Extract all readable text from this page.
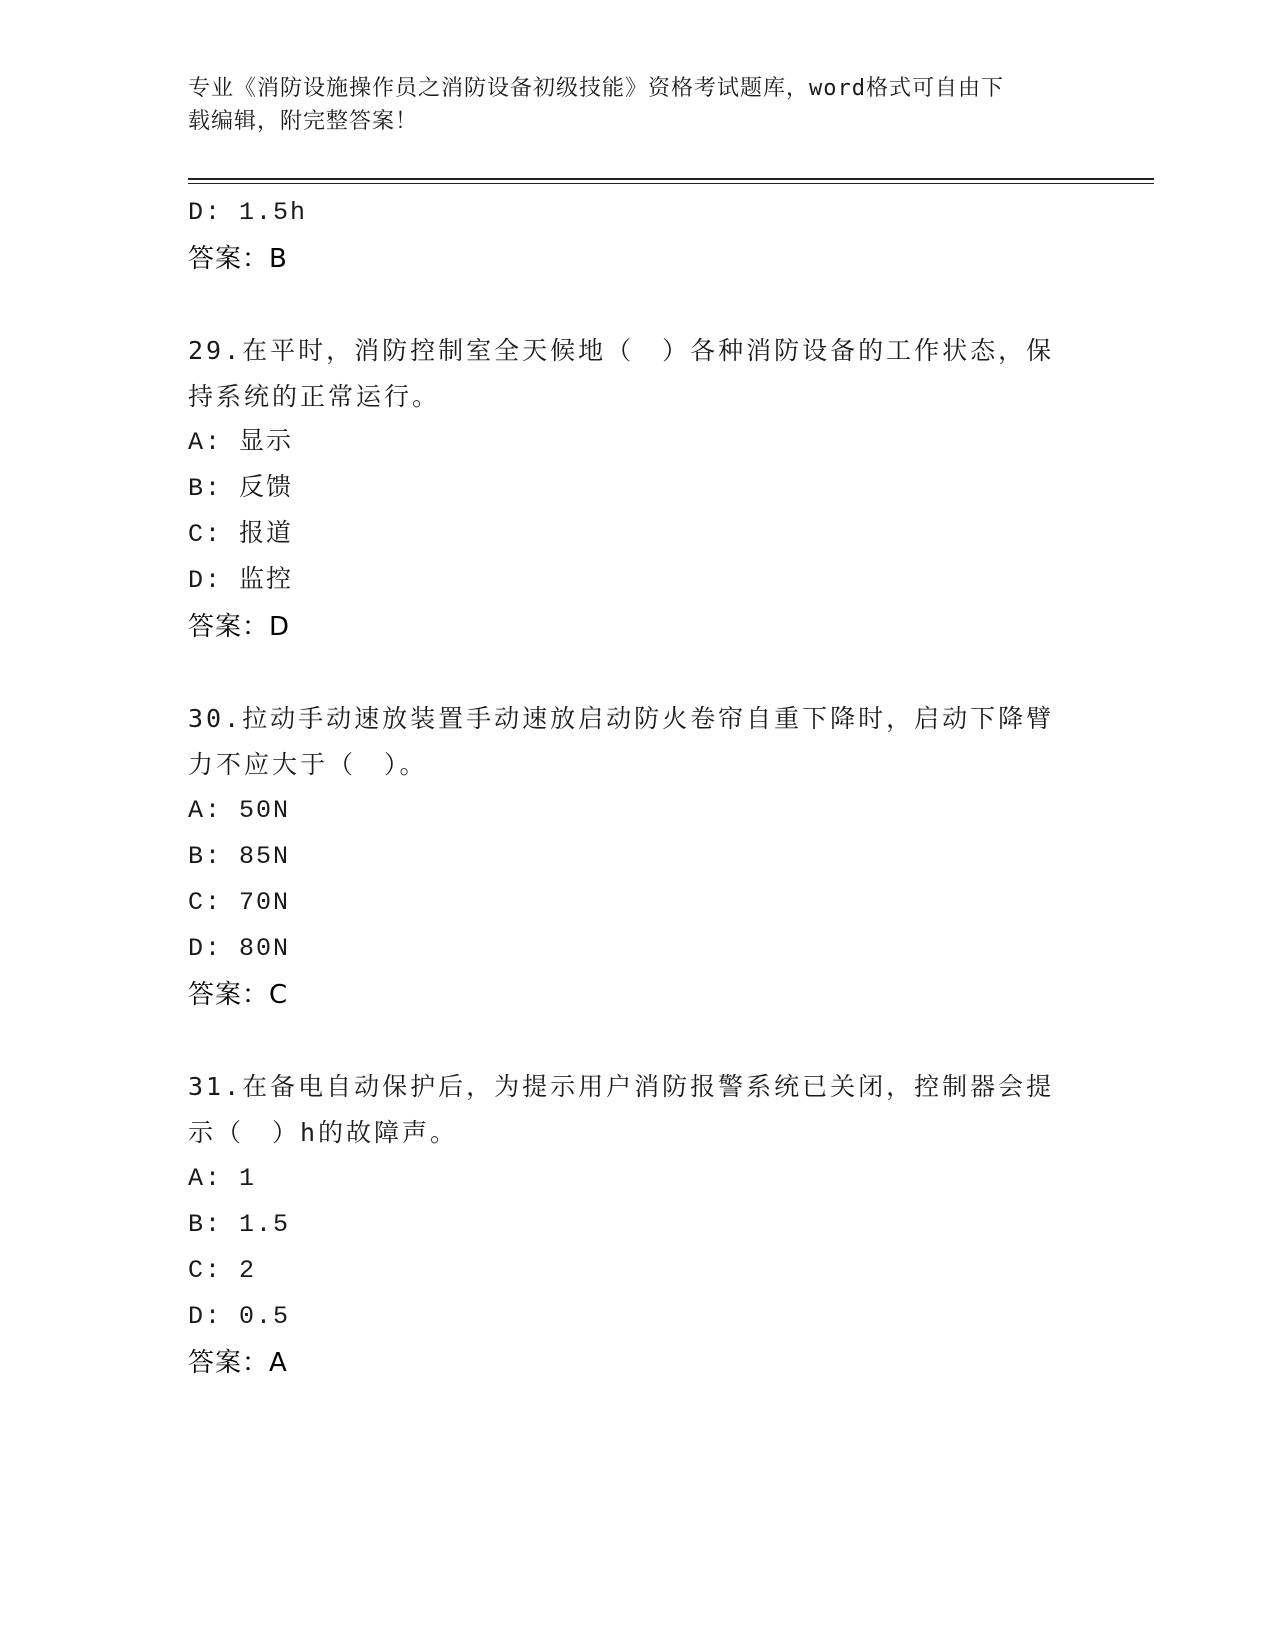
专业《消防设施操作员之消防设备初级技能》资格考试题库，word格式可自由下
载编辑，附完整答案！
D: 1.5h
答案：B
29.在平时，消防控制室全天候地（　）各种消防设备的工作状态，保
持系统的正常运行。
A: 显示
B: 反馈
C: 报道
D: 监控
答案：D
30.拉动手动速放装置手动速放启动防火卷帘自重下降时，启动下降臂
力不应大于（　）。
A: 50N
B: 85N
C: 70N
D: 80N
答案：C
31.在备电自动保护后，为提示用户消防报警系统已关闭，控制器会提
示（　）h的故障声。
A: 1
B: 1.5
C: 2
D: 0.5
答案：A
